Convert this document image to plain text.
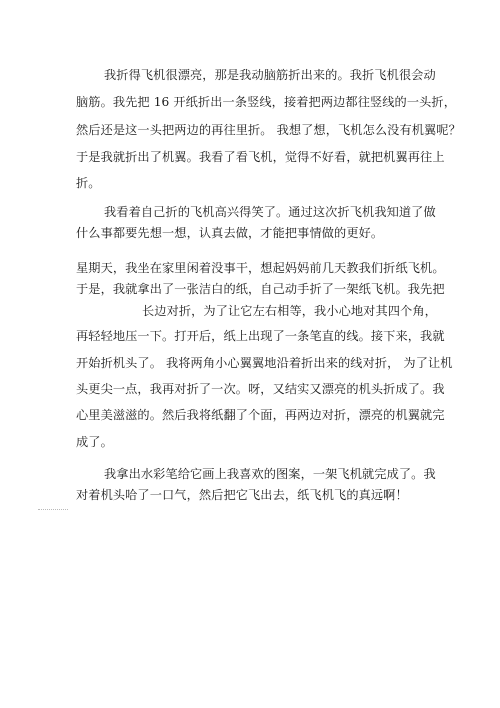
我折得飞机很漂亮，那是我动脑筋折出来的。我折飞机很会动
脑筋。我先把 16 开纸折出一条竖线，接着把两边都往竖线的一头折，
然后还是这一头把两边的再往里折。 我想了想，飞机怎么没有机翼呢？
于是我就折出了机翼。我看了看飞机，觉得不好看，就把机翼再往上
折。
我看着自己折的飞机高兴得笑了。通过这次折飞机我知道了做
什么事都要先想一想，认真去做，才能把事情做的更好。
星期天，我坐在家里闲着没事干，想起妈妈前几天教我们折纸飞机。
于是，我就拿出了一张洁白的纸，自己动手折了一架纸飞机。我先把
长边对折，为了让它左右相等，我小心地对其四个角，
再轻轻地压一下。打开后，纸上出现了一条笔直的线。接下来，我就
开始折机头了。 我将两角小心翼翼地沿着折出来的线对折， 为了让机
头更尖一点，我再对折了一次。呀，又结实又漂亮的机头折成了。我
心里美滋滋的。然后我将纸翻了个面，再两边对折，漂亮的机翼就完
成了。
我拿出水彩笔给它画上我喜欢的图案，一架飞机就完成了。我
对着机头哈了一口气，然后把它飞出去，纸飞机飞的真远啊！
